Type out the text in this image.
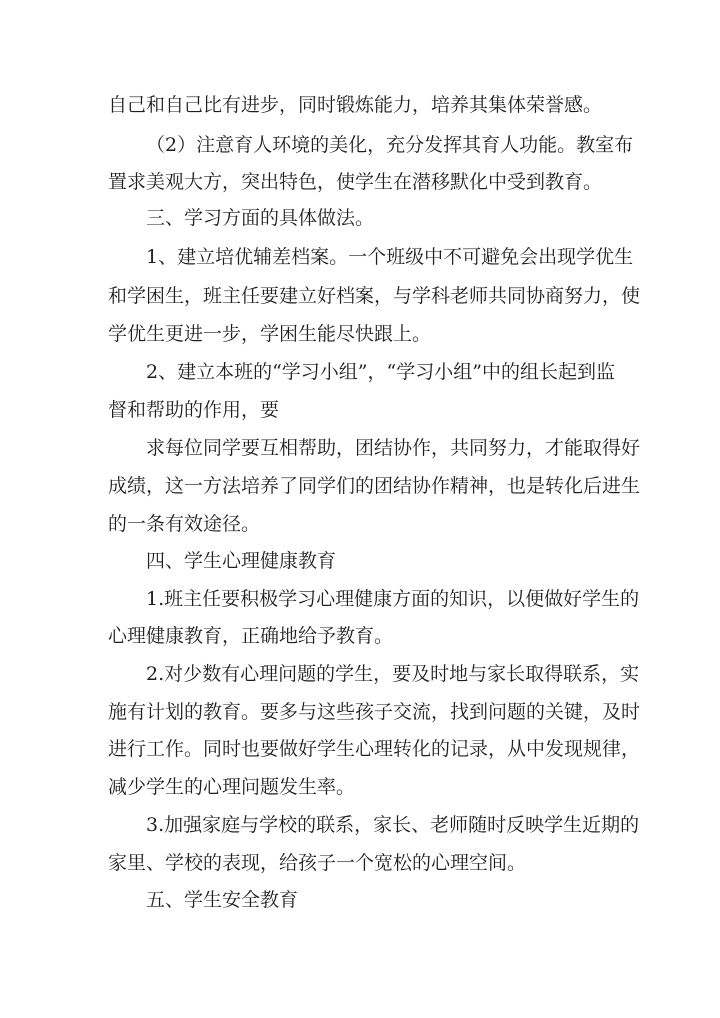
自己和自己比有进步，同时锻炼能力，培养其集体荣誉感。

（2）注意育人环境的美化，充分发挥其育人功能。教室布

置求美观大方，突出特色，使学生在潜移默化中受到教育。

三、学习方面的具体做法。

1、建立培优辅差档案。一个班级中不可避免会出现学优生

和学困生，班主任要建立好档案，与学科老师共同协商努力，使

学优生更进一步，学困生能尽快跟上。

2、建立本班的“学习小组”，“学习小组”中的组长起到监

督和帮助的作用，要

求每位同学要互相帮助，团结协作，共同努力，才能取得好

成绩，这一方法培养了同学们的团结协作精神，也是转化后进生

的一条有效途径。

四、学生心理健康教育

1.班主任要积极学习心理健康方面的知识，以便做好学生的

心理健康教育，正确地给予教育。

2.对少数有心理问题的学生，要及时地与家长取得联系，实

施有计划的教育。要多与这些孩子交流，找到问题的关键，及时

进行工作。同时也要做好学生心理转化的记录，从中发现规律，

减少学生的心理问题发生率。

3.加强家庭与学校的联系，家长、老师随时反映学生近期的

家里、学校的表现，给孩子一个宽松的心理空间。

五、学生安全教育
